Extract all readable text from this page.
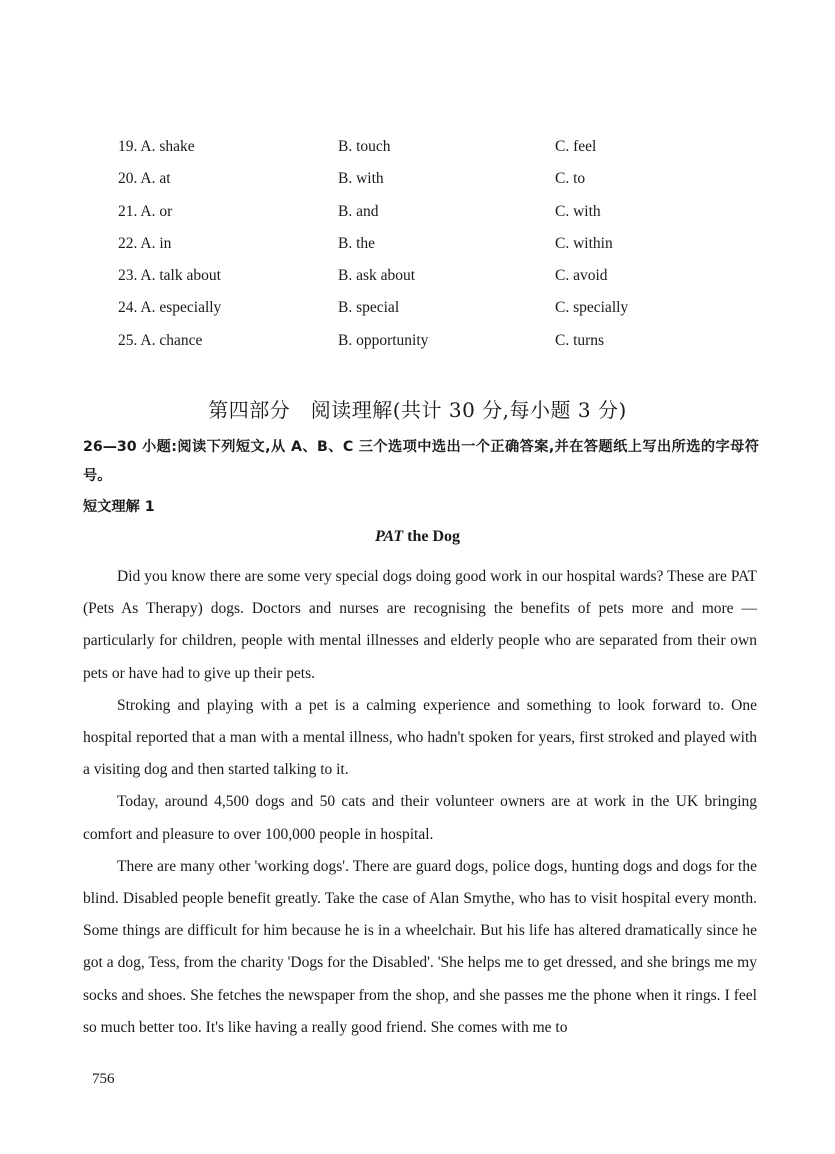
19. A. shake	B. touch	C. feel
20. A. at	B. with	C. to
21. A. or	B. and	C. with
22. A. in	B. the	C. within
23. A. talk about	B. ask about	C. avoid
24. A. especially	B. special	C. specially
25. A. chance	B. opportunity	C. turns
第四部分　阅读理解(共计 30 分,每小题 3 分)
26—30 小题:阅读下列短文,从 A、B、C 三个选项中选出一个正确答案,并在答题纸上写出所选的字母符号。
短文理解 1
PAT the Dog

Did you know there are some very special dogs doing good work in our hospital wards? These are PAT (Pets As Therapy) dogs. Doctors and nurses are recognising the benefits of pets more and more — particularly for children, people with mental illnesses and elderly people who are separated from their own pets or have had to give up their pets.

Stroking and playing with a pet is a calming experience and something to look forward to. One hospital reported that a man with a mental illness, who hadn't spoken for years, first stroked and played with a visiting dog and then started talking to it.

Today, around 4,500 dogs and 50 cats and their volunteer owners are at work in the UK bringing comfort and pleasure to over 100,000 people in hospital.

There are many other 'working dogs'. There are guard dogs, police dogs, hunting dogs and dogs for the blind. Disabled people benefit greatly. Take the case of Alan Smythe, who has to visit hospital every month. Some things are difficult for him because he is in a wheelchair. But his life has altered dramatically since he got a dog, Tess, from the charity 'Dogs for the Disabled'. 'She helps me to get dressed, and she brings me my socks and shoes. She fetches the newspaper from the shop, and she passes me the phone when it rings. I feel so much better too. It's like having a really good friend. She comes with me to

756
